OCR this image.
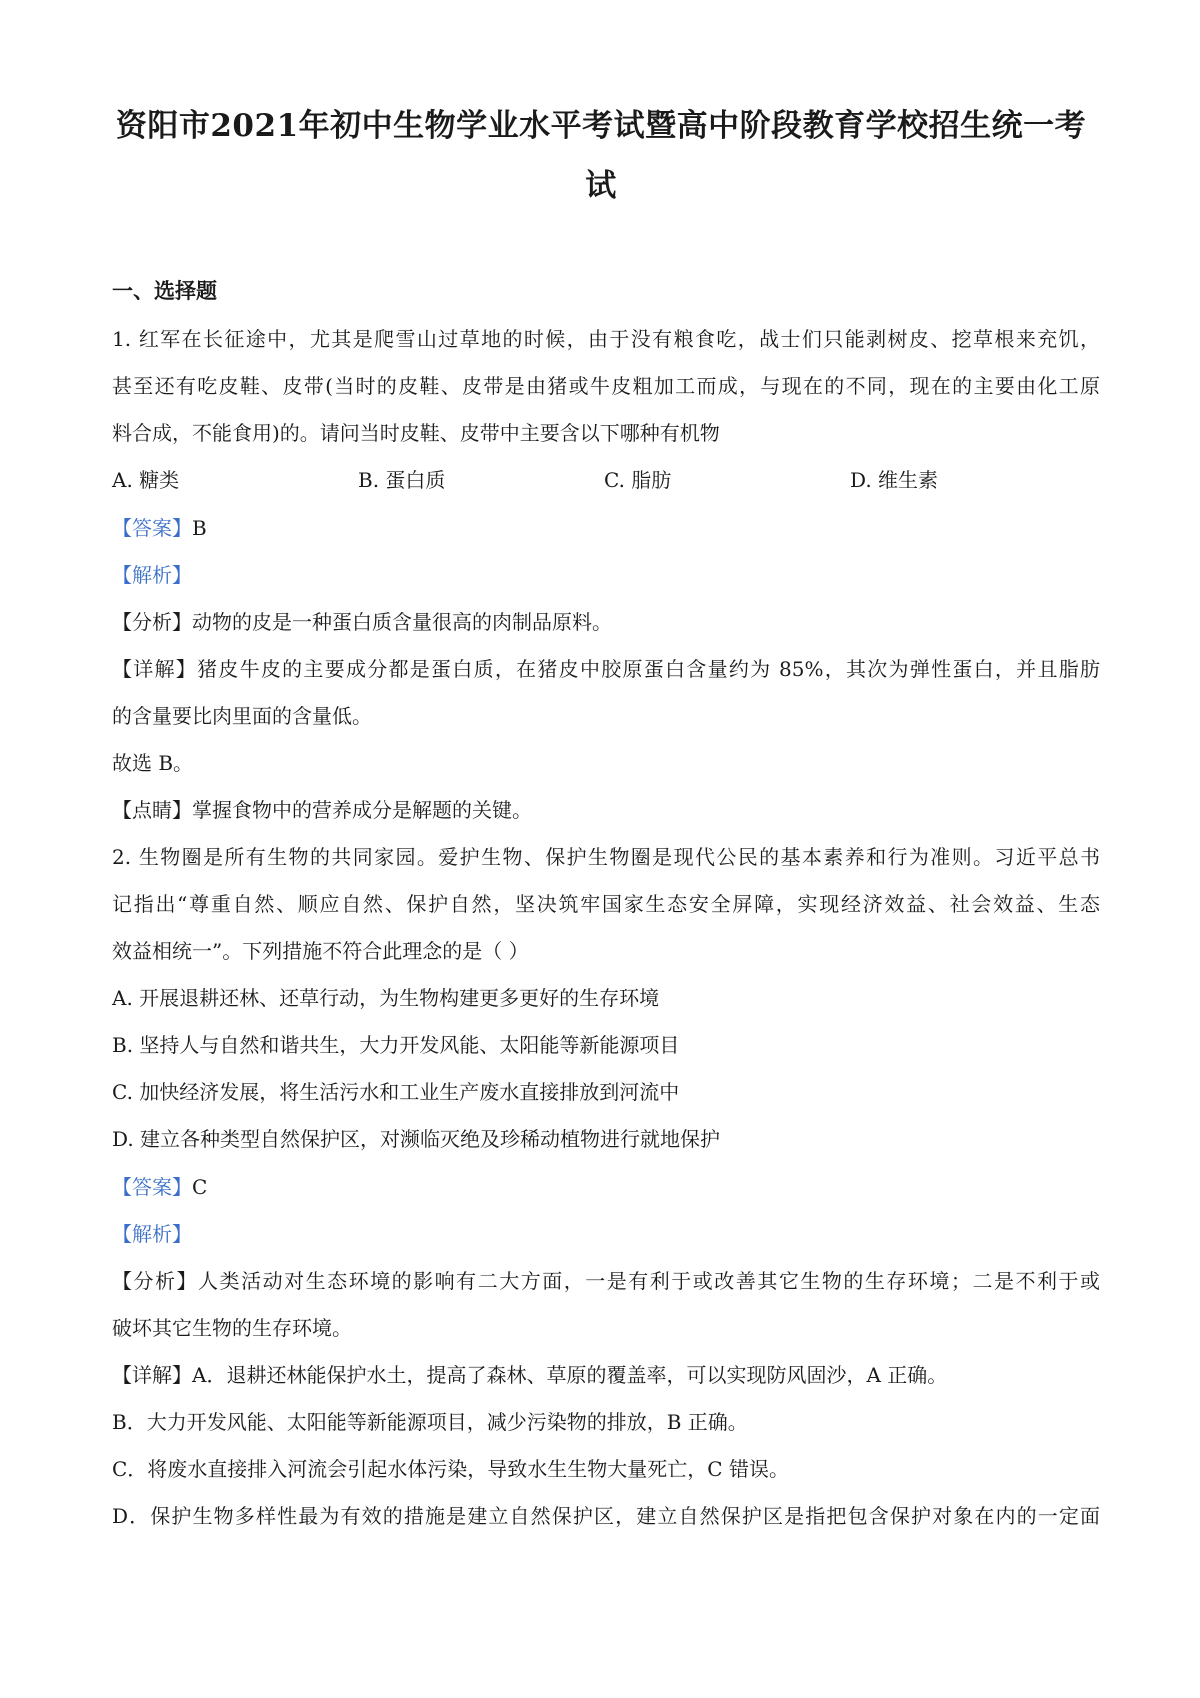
资阳市2021年初中生物学业水平考试暨高中阶段教育学校招生统一考
试
一、选择题
1. 红军在长征途中，尤其是爬雪山过草地的时候，由于没有粮食吃，战士们只能剥树皮、挖草根来充饥，
甚至还有吃皮鞋、皮带(当时的皮鞋、皮带是由猪或牛皮粗加工而成，与现在的不同，现在的主要由化工原
料合成，不能食用)的。请问当时皮鞋、皮带中主要含以下哪种有机物
A. 糖类	B. 蛋白质	C. 脂肪	D. 维生素
【答案】B
【解析】
【分析】动物的皮是一种蛋白质含量很高的肉制品原料。
【详解】猪皮牛皮的主要成分都是蛋白质，在猪皮中胶原蛋白含量约为 85%，其次为弹性蛋白，并且脂肪
的含量要比肉里面的含量低。
故选 B。
【点睛】掌握食物中的营养成分是解题的关键。
2. 生物圈是所有生物的共同家园。爱护生物、保护生物圈是现代公民的基本素养和行为准则。习近平总书
记指出“尊重自然、顺应自然、保护自然，坚决筑牢国家生态安全屏障，实现经济效益、社会效益、生态
效益相统一”。下列措施不符合此理念的是（ ）
A. 开展退耕还林、还草行动，为生物构建更多更好的生存环境
B. 坚持人与自然和谐共生，大力开发风能、太阳能等新能源项目
C. 加快经济发展，将生活污水和工业生产废水直接排放到河流中
D. 建立各种类型自然保护区，对濒临灭绝及珍稀动植物进行就地保护
【答案】C
【解析】
【分析】人类活动对生态环境的影响有二大方面，一是有利于或改善其它生物的生存环境；二是不利于或
破坏其它生物的生存环境。
【详解】A．退耕还林能保护水土，提高了森林、草原的覆盖率，可以实现防风固沙，A 正确。
B．大力开发风能、太阳能等新能源项目，减少污染物的排放，B 正确。
C．将废水直接排入河流会引起水体污染，导致水生生物大量死亡，C 错误。
D．保护生物多样性最为有效的措施是建立自然保护区，建立自然保护区是指把包含保护对象在内的一定面
